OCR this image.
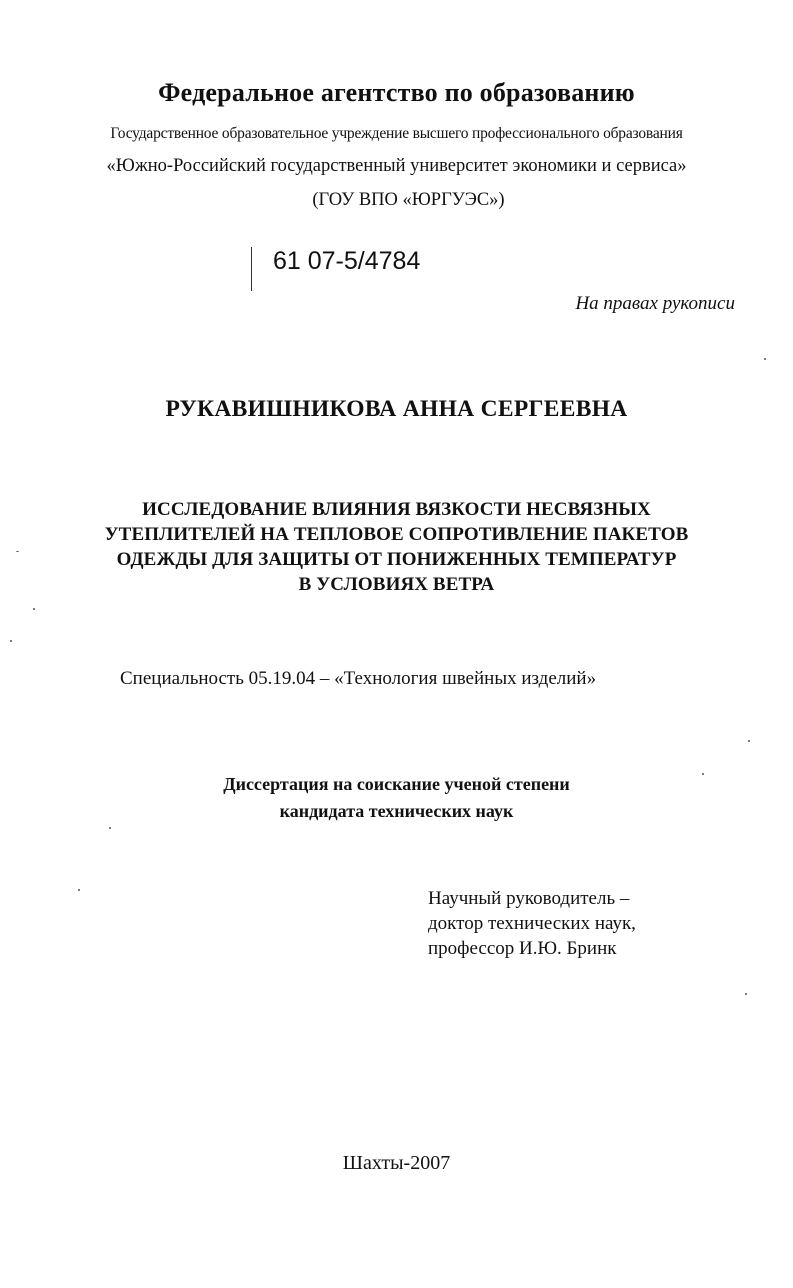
Федеральное агентство по образованию
Государственное образовательное учреждение высшего профессионального образования
«Южно-Российский государственный университет экономики и сервиса»
(ГОУ ВПО «ЮРГУЭС»)
61 07-5/4784
На правах рукописи
РУКАВИШНИКОВА АННА СЕРГЕЕВНА
ИССЛЕДОВАНИЕ ВЛИЯНИЯ ВЯЗКОСТИ НЕСВЯЗНЫХ
УТЕПЛИТЕЛЕЙ НА ТЕПЛОВОЕ СОПРОТИВЛЕНИЕ ПАКЕТОВ
ОДЕЖДЫ ДЛЯ ЗАЩИТЫ ОТ ПОНИЖЕННЫХ ТЕМПЕРАТУР
В УСЛОВИЯХ ВЕТРА
Специальность 05.19.04 – «Технология швейных изделий»
Диссертация на соискание ученой степени
кандидата технических наук
Научный руководитель –
доктор технических наук,
профессор И.Ю. Бринк
Шахты-2007
